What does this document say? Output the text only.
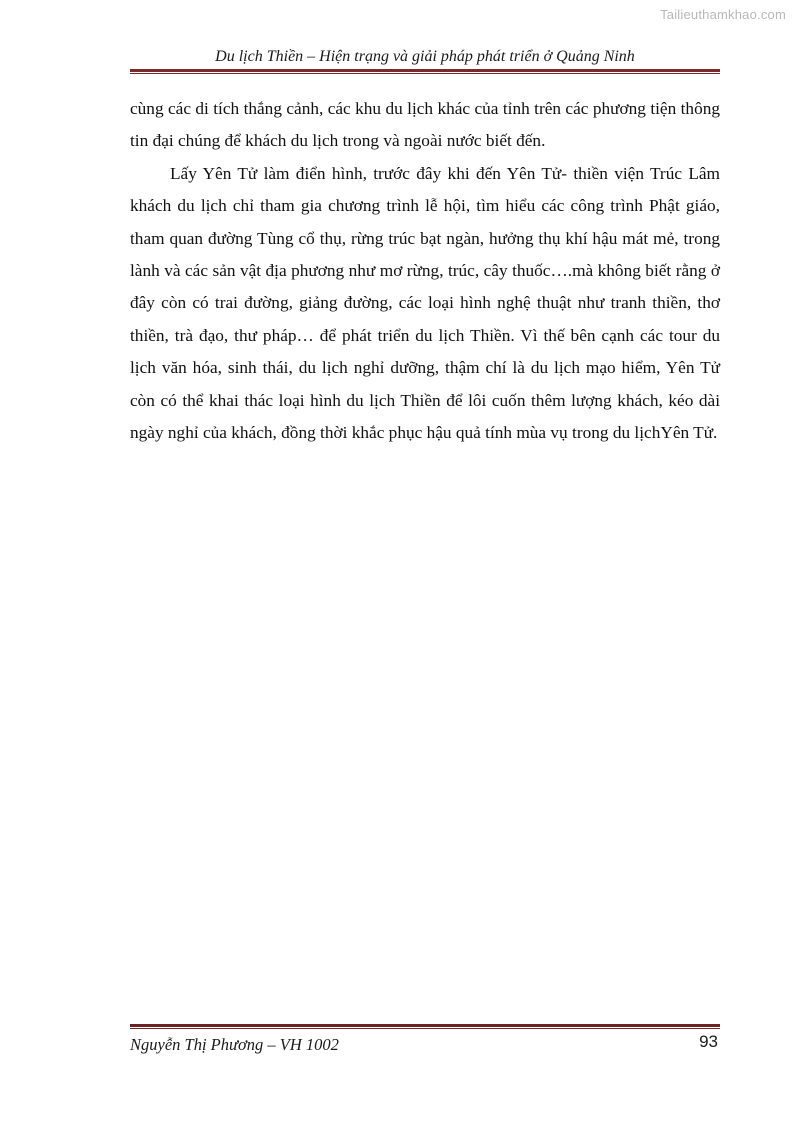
Tailieuthamkhao.com
Du lịch Thiền – Hiện trạng và giải pháp phát triển ở Quảng Ninh

cùng các di tích thắng cảnh, các khu du lịch khác của tỉnh trên các phương tiện thông tin đại chúng để khách du lịch trong và ngoài nước biết đến.

Lấy Yên Tử làm điển hình, trước đây khi đến Yên Tử- thiền viện Trúc Lâm khách du lịch chỉ tham gia chương trình lễ hội, tìm hiểu các công trình Phật giáo, tham quan đường Tùng cổ thụ, rừng trúc bạt ngàn, hưởng thụ khí hậu mát mẻ, trong lành và các sản vật địa phương như mơ rừng, trúc, cây thuốc….mà không biết rằng ở đây còn có trai đường, giảng đường, các loại hình nghệ thuật như tranh thiền, thơ thiền, trà đạo, thư pháp… để phát triển du lịch Thiền. Vì thế bên cạnh các tour du lịch văn hóa, sinh thái, du lịch nghỉ dưỡng, thậm chí là du lịch mạo hiểm, Yên Tử còn có thể khai thác loại hình du lịch Thiền để lôi cuốn thêm lượng khách, kéo dài ngày nghỉ của khách, đồng thời khắc phục hậu quả tính mùa vụ trong du lịchYên Tử.

Nguyễn Thị Phương – VH 1002	93
